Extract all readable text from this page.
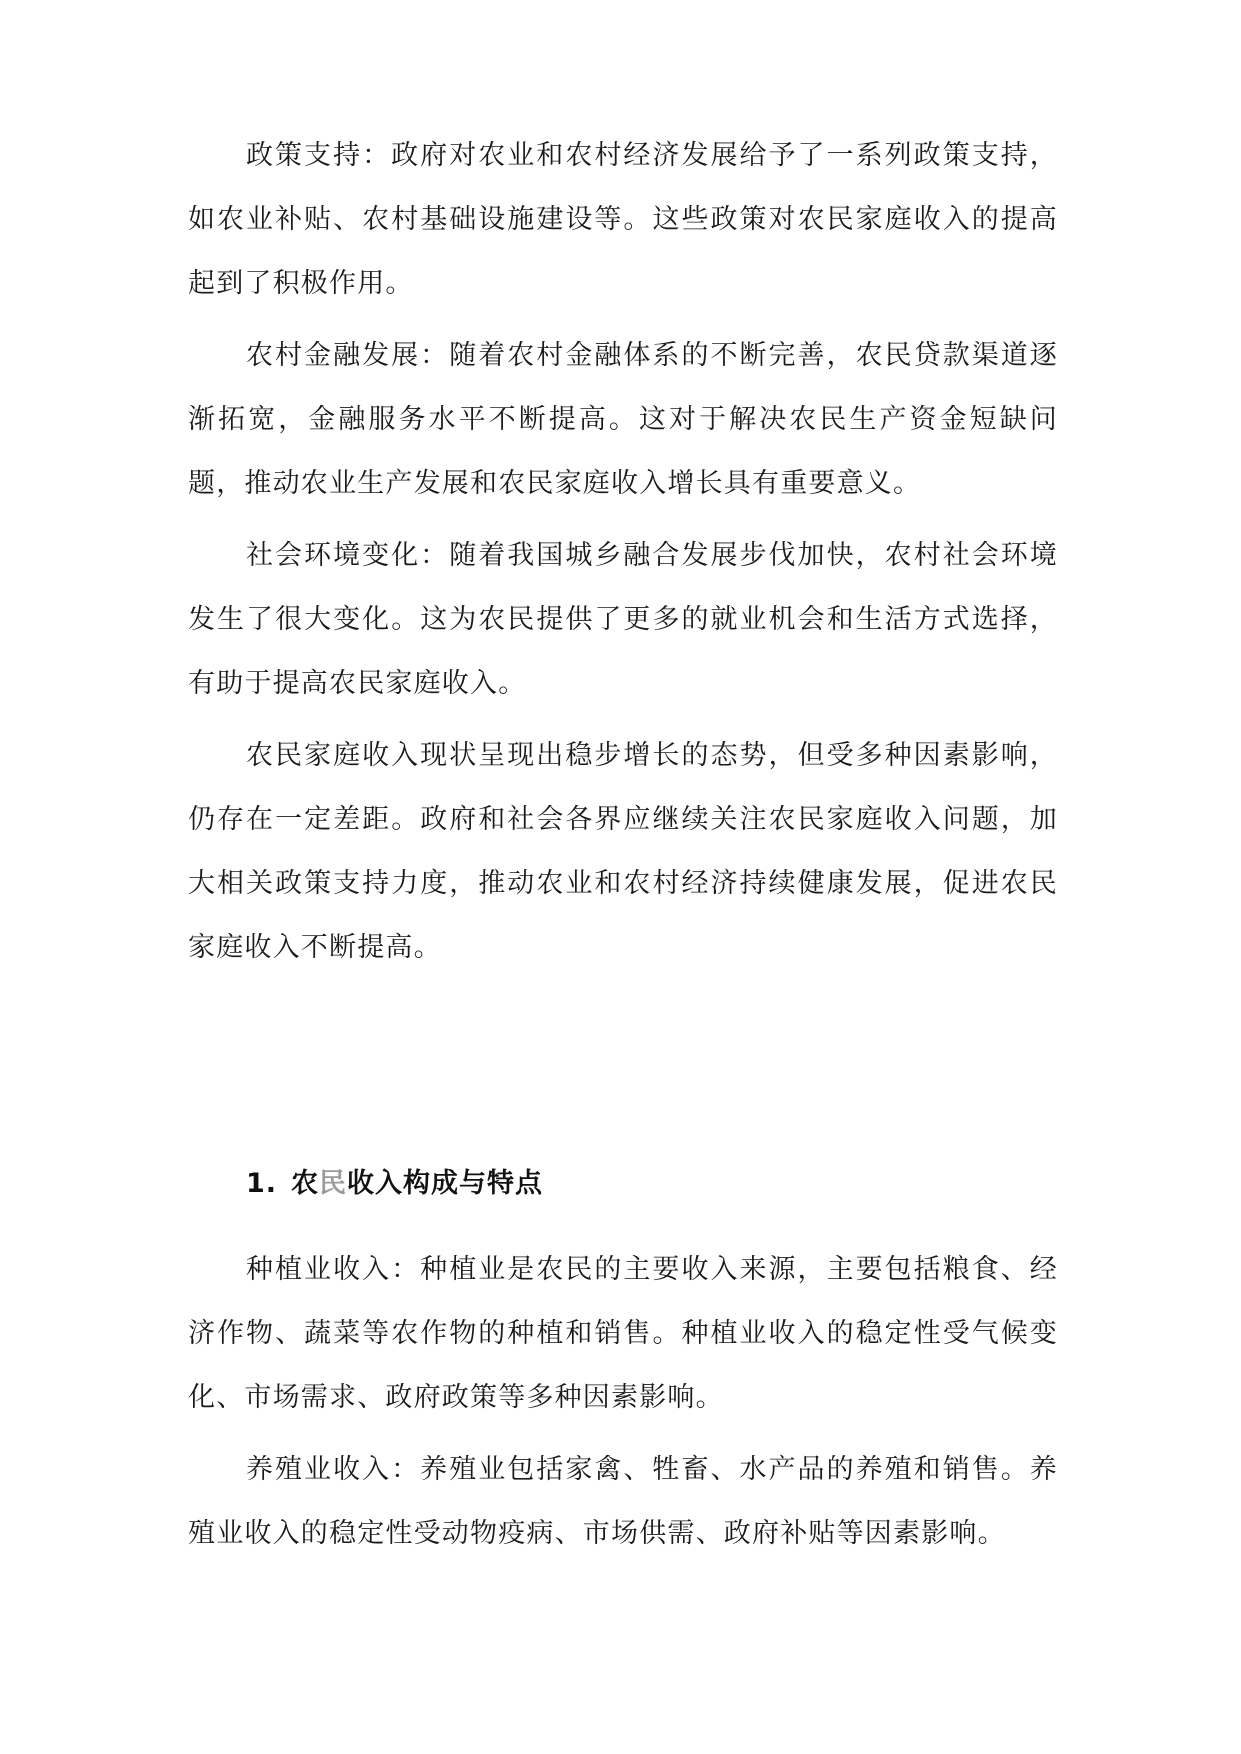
政策支持：政府对农业和农村经济发展给予了一系列政策支持，如农业补贴、农村基础设施建设等。这些政策对农民家庭收入的提高起到了积极作用。

农村金融发展：随着农村金融体系的不断完善，农民贷款渠道逐渐拓宽，金融服务水平不断提高。这对于解决农民生产资金短缺问题，推动农业生产发展和农民家庭收入增长具有重要意义。

社会环境变化：随着我国城乡融合发展步伐加快，农村社会环境发生了很大变化。这为农民提供了更多的就业机会和生活方式选择，有助于提高农民家庭收入。

农民家庭收入现状呈现出稳步增长的态势，但受多种因素影响，仍存在一定差距。政府和社会各界应继续关注农民家庭收入问题，加大相关政策支持力度，推动农业和农村经济持续健康发展，促进农民家庭收入不断提高。

1. 农民收入构成与特点

种植业收入：种植业是农民的主要收入来源，主要包括粮食、经济作物、蔬菜等农作物的种植和销售。种植业收入的稳定性受气候变化、市场需求、政府政策等多种因素影响。

养殖业收入：养殖业包括家禽、牲畜、水产品的养殖和销售。养殖业收入的稳定性受动物疫病、市场供需、政府补贴等因素影响。
